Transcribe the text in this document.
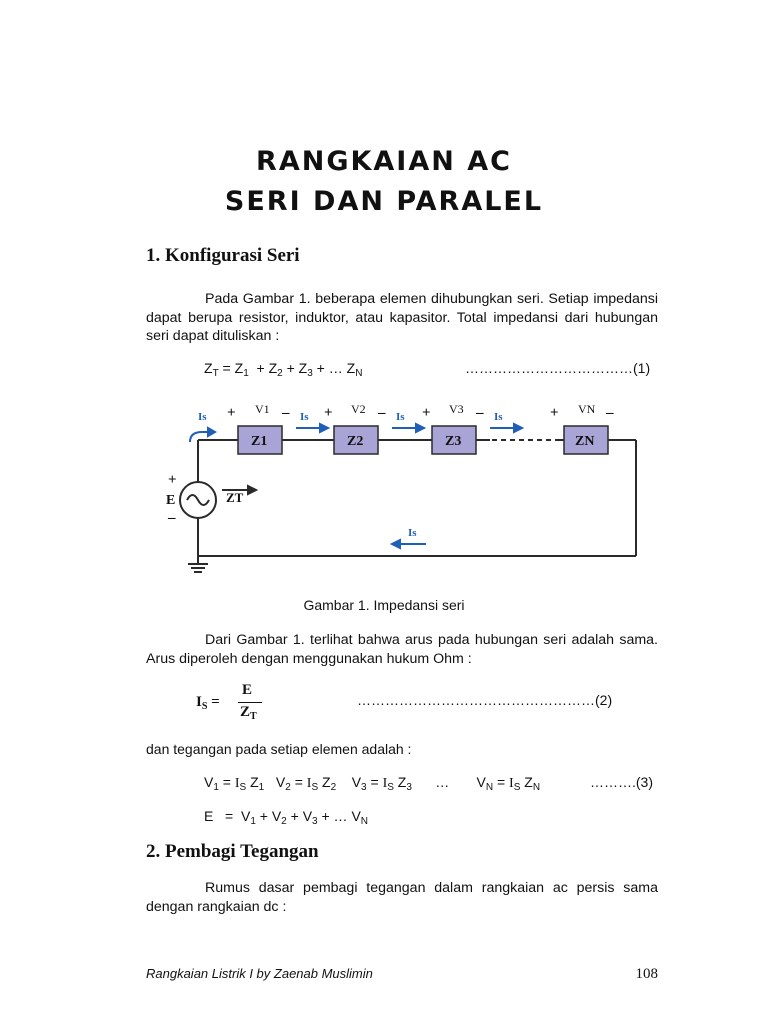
RANGKAIAN AC
SERI DAN PARALEL
1. Konfigurasi Seri

Pada Gambar 1. beberapa elemen dihubungkan seri. Setiap impedansi dapat berupa resistor, induktor, atau kapasitor. Total impedansi dari hubungan seri dapat dituliskan :

$Z_T = Z_1 + Z_2 + Z_3$ + … $Z_N$	………………………………(1)
Z1	Z2	Z3	ZN
+ V1 – + V2 – + V3 –	+ VN –
+
–
E	ZT
Is	Is	Is	Is
Is
Gambar 1. Impedansi seri

Dari Gambar 1. terlihat bahwa arus pada hubungan seri adalah sama. Arus diperoleh dengan menggunakan hukum Ohm :

$I_S$ =
E
$Z_T$
……………………………………………(2)
dan tegangan pada setiap elemen adalah :
$V_1 = I_S$ $Z_1$   $V_2 = I_S$ $Z_2$    $V_3 = I_S$ $Z_3$      …       $V_N = I_S$ $Z_N$	……….(3)
$E = V_1 + V_2 + V_3$ + … $V_N$
2. Pembagi Tegangan

Rumus dasar pembagi tegangan dalam rangkaian ac persis sama dengan rangkaian dc :

Rangkaian Listrik I by Zaenab Muslimin	108
